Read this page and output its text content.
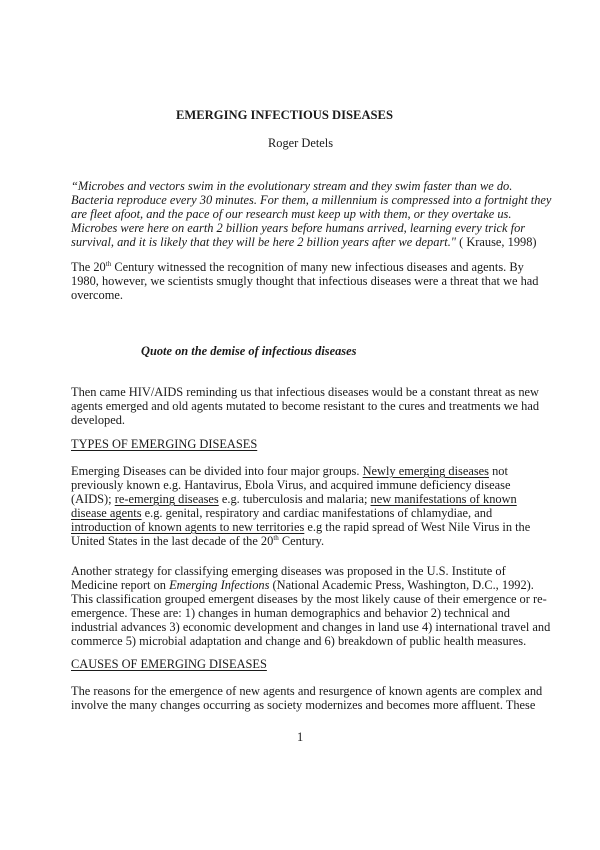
EMERGING INFECTIOUS DISEASES
Roger Detels
“Microbes and vectors swim in the evolutionary stream and they swim faster than we do.
Bacteria reproduce every 30 minutes. For them, a millennium is compressed into a fortnight they
are fleet afoot, and the pace of our research must keep up with them, or they overtake us.
Microbes were here on earth 2 billion years before humans arrived, learning every trick for
survival, and it is likely that they will be here 2 billion years after we depart." ( Krause, 1998)
The 20th Century witnessed the recognition of many new infectious diseases and agents. By
1980, however, we scientists smugly thought that infectious diseases were a threat that we had
overcome.
Quote on the demise of infectious diseases
Then came HIV/AIDS reminding us that infectious diseases would be a constant threat as new
agents emerged and old agents mutated to become resistant to the cures and treatments we had
developed.
TYPES OF EMERGING DISEASES
Emerging Diseases can be divided into four major groups. Newly emerging diseases not
previously known e.g. Hantavirus, Ebola Virus, and acquired immune deficiency disease
(AIDS); re-emerging diseases e.g. tuberculosis and malaria; new manifestations of known
disease agents e.g. genital, respiratory and cardiac manifestations of chlamydiae, and
introduction of known agents to new territories e.g the rapid spread of West Nile Virus in the
United States in the last decade of the 20th Century.
Another strategy for classifying emerging diseases was proposed in the U.S. Institute of
Medicine report on Emerging Infections (National Academic Press, Washington, D.C., 1992).
This classification grouped emergent diseases by the most likely cause of their emergence or re-
emergence. These are: 1) changes in human demographics and behavior 2) technical and
industrial advances 3) economic development and changes in land use 4) international travel and
commerce 5) microbial adaptation and change and 6) breakdown of public health measures.
CAUSES OF EMERGING DISEASES
The reasons for the emergence of new agents and resurgence of known agents are complex and
involve the many changes occurring as society modernizes and becomes more affluent. These
1
